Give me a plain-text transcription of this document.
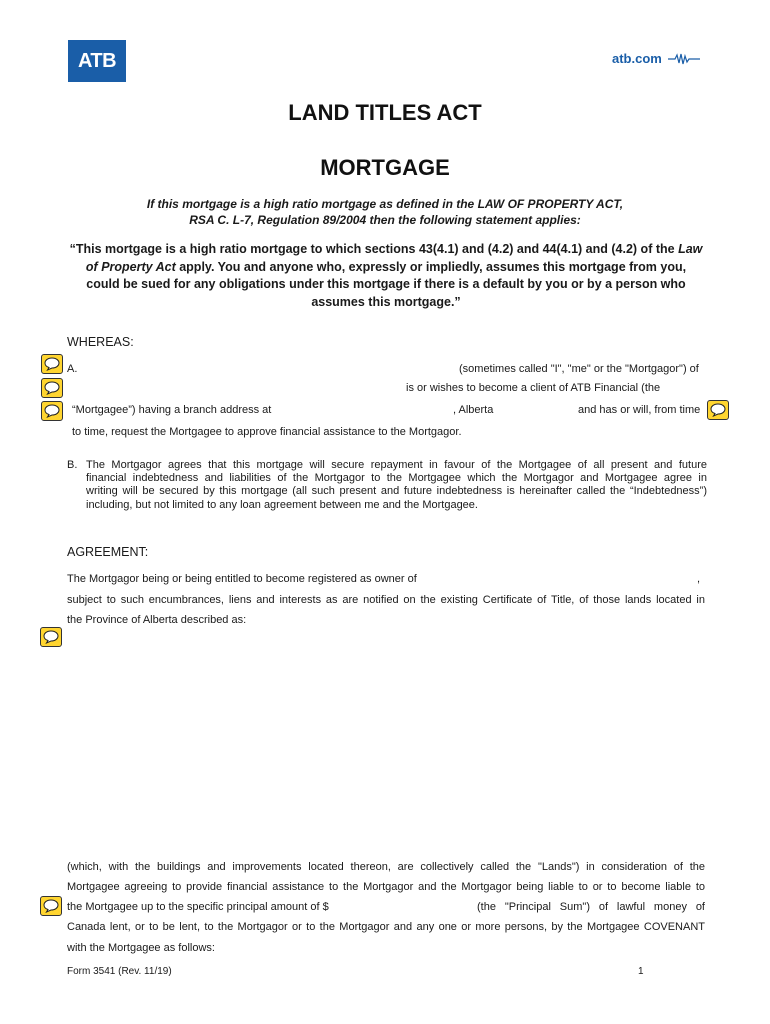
ATB	atb.com
LAND TITLES ACT
MORTGAGE
If this mortgage is a high ratio mortgage as defined in the LAW OF PROPERTY ACT,
RSA C. L-7, Regulation 89/2004 then the following statement applies:
“This mortgage is a high ratio mortgage to which sections 43(4.1) and (4.2) and 44(4.1) and (4.2) of the Law
of Property Act apply. You and anyone who, expressly or impliedly, assumes this mortgage from you,
could be sued for any obligations under this mortgage if there is a default by you or by a person who
assumes this mortgage.”
WHEREAS:
A.	(sometimes called "I", "me" or the "Mortgagor") of
is or wishes to become a client of ATB Financial (the
“Mortgagee”) having a branch address at	, Alberta	and has or will, from time
to time, request the Mortgagee to approve financial assistance to the Mortgagor.
B. The Mortgagor agrees that this mortgage will secure repayment in favour of the Mortgagee of all present and future
financial indebtedness and liabilities of the Mortgagor to the Mortgagee which the Mortgagor and Mortgagee agree in
writing will be secured by this mortgage (all such present and future indebtedness is hereinafter called the “Indebtedness”)
including, but not limited to any loan agreement between me and the Mortgagee.
AGREEMENT:
The Mortgagor being or being entitled to become registered as owner of	,
subject to such encumbrances, liens and interests as are notified on the existing Certificate of Title, of those lands located in
the Province of Alberta described as:
(which, with the buildings and improvements located thereon, are collectively called the "Lands") in consideration of the
Mortgagee agreeing to provide financial assistance to the Mortgagor and the Mortgagor being liable to or to become liable to
the Mortgagee up to the specific principal amount of $	(the "Principal Sum") of lawful money of
Canada lent, or to be lent, to the Mortgagor or to the Mortgagor and any one or more persons, by the Mortgagee COVENANT
with the Mortgagee as follows:
Form 3541 (Rev. 11/19)	1
